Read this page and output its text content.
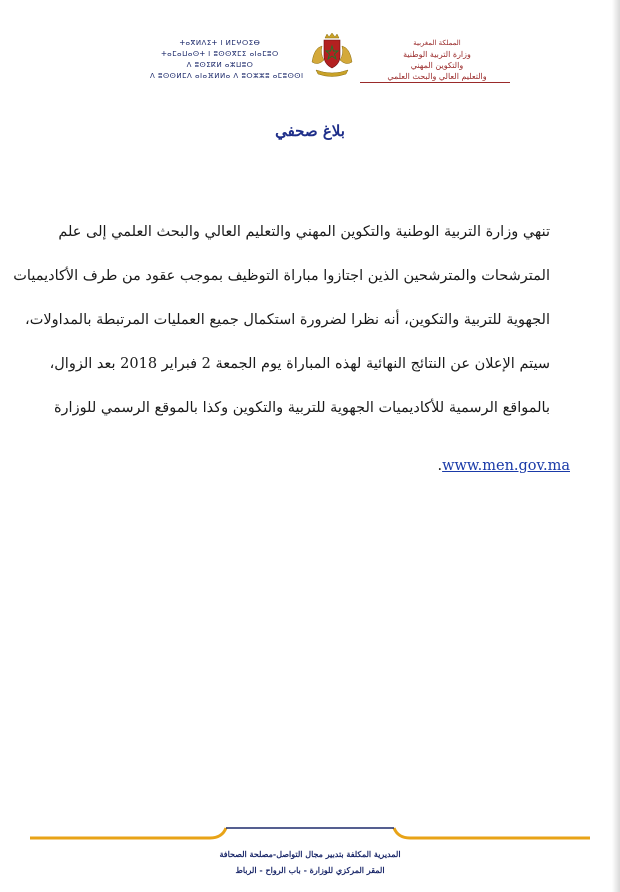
ⵜⴰⴳⵍⴷⵉⵜ ⵏ ⵍⵎⵖⵔⵉⴱ
ⵜⴰⵎⴰⵡⴰⵙⵜ ⵏ ⵓⵙⵙⴳⵎⵉ ⴰⵏⴰⵎⵓⵔ
ⴷ ⵓⵙⵉⴽⵍ ⴰⵣⵡⵓⵔ
ⴷ ⵓⵙⵙⵍⵎⴷ ⴰⵏⴰⴼⵍⵍⴰ ⴷ ⵓⵔⵣⵣⵓ ⴰⵎⵓⵙⵙⵏ
المملكة المغربية
وزارة التربية الوطنية
والتكوين المهني
والتعليم العالي والبحث العلمي
بلاغ صحفي
تنهي وزارة التربية الوطنية والتكوين المهني والتعليم العالي والبحث العلمي إلى علم
المترشحات والمترشحين الذين اجتازوا مباراة التوظيف بموجب عقود من طرف الأكاديميات
الجهوية للتربية والتكوين، أنه نظرا لضرورة استكمال جميع العمليات المرتبطة بالمداولات،
سيتم الإعلان عن النتائج النهائية لهذه المباراة يوم الجمعة 2 فبراير 2018 بعد الزوال،
بالمواقع الرسمية للأكاديميات الجهوية للتربية والتكوين وكذا بالموقع الرسمي للوزارة
.www.men.gov.ma
المديرية المكلفة بتدبير مجال التواصل-مصلحة الصحافة
المقر المركزي للوزارة - باب الرواح - الرباط
